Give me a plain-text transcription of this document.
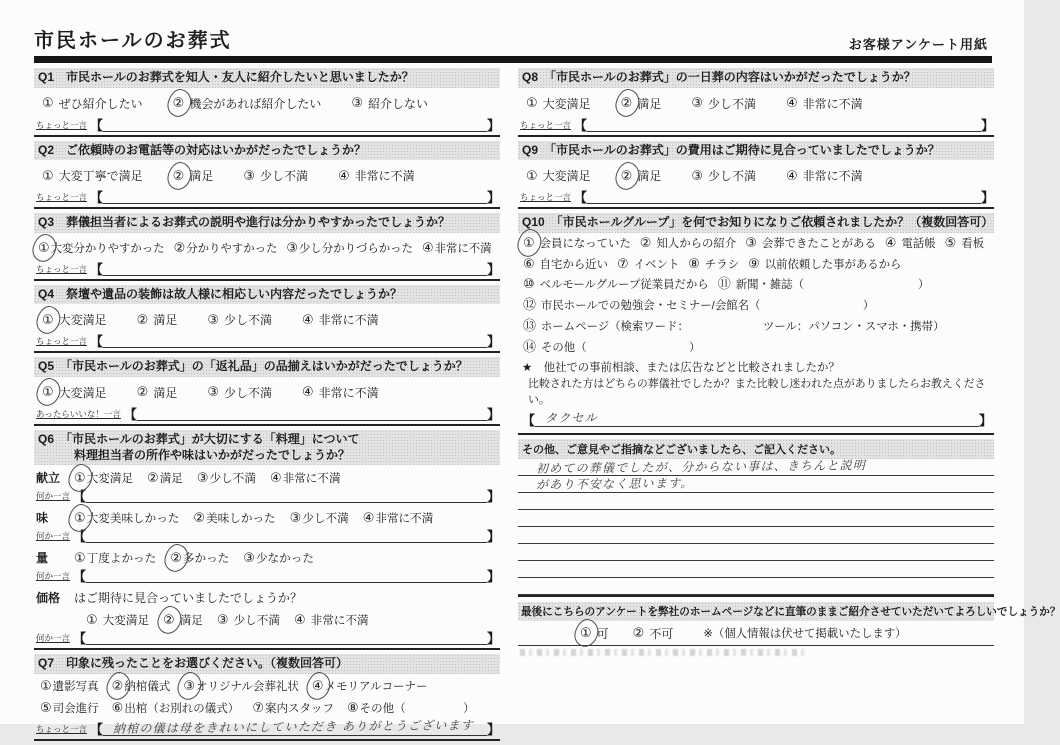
市民ホールのお葬式	お客様アンケート用紙
Q1　市民ホールのお葬式を知人・友人に紹介したいと思いましたか？
① ぜひ紹介したい ② 機会があれば紹介したい ③ 紹介しない
ちょっと一言 【	】
Q2　ご依頼時のお電話等の対応はいかがだったでしょうか？
① 大変丁寧で満足 ② 満足 ③ 少し不満 ④ 非常に不満
ちょっと一言 【	】
Q3　葬儀担当者によるお葬式の説明や進行は分かりやすかったでしょうか？
① 大変分かりやすかった ② 分かりやすかった ③ 少し分かりづらかった ④ 非常に不満
ちょっと一言 【	】
Q4　祭壇や遺品の装飾は故人様に相応しい内容だったでしょうか？
① 大変満足 ② 満足 ③ 少し不満 ④ 非常に不満
ちょっと一言 【	】
Q5　「市民ホールのお葬式」の「返礼品」の品揃えはいかがだったでしょうか？
① 大変満足 ② 満足 ③ 少し不満 ④ 非常に不満
あったらいいな！一言 【	】
Q6　「市民ホールのお葬式」が大切にする「料理」について
　　　料理担当者の所作や味はいかがだったでしょうか？
献立	① 大変満足 ② 満足 ③ 少し不満 ④ 非常に不満
何か一言 【	】
味	① 大変美味しかった ② 美味しかった ③ 少し不満 ④ 非常に不満
何か一言 【	】
量	① 丁度よかった ② 多かった ③ 少なかった
何か一言 【	】
価格	はご期待に見合っていましたでしょうか？
① 大変満足 ② 満足 ③ 少し不満 ④ 非常に不満
何か一言 【	】
Q7　印象に残ったことをお選びください。（複数回答可）
① 遺影写真 ② 納棺儀式 ③ オリジナル会葬礼状 ④ メモリアルコーナー
⑤ 司会進行 ⑥ 出棺（お別れの儀式） ⑦ 案内スタッフ ⑧ その他（　　　　　）
ちょっと一言 【 納棺の儀は母をきれいにしていただき ありがとうございます 】
Q8　「市民ホールのお葬式」の一日葬の内容はいかがだったでしょうか？
① 大変満足 ② 満足 ③ 少し不満 ④ 非常に不満
ちょっと一言 【	】
Q9　「市民ホールのお葬式」の費用はご期待に見合っていましたでしょうか？
① 大変満足 ② 満足 ③ 少し不満 ④ 非常に不満
ちょっと一言 【	】
Q10　「市民ホールグループ」を何でお知りになりご依頼されましたか？（複数回答可）
① 会員になっていた ② 知人からの紹介 ③ 会葬できたことがある ④ 電話帳 ⑤ 看板
⑥ 自宅から近い ⑦ イベント ⑧ チラシ ⑨ 以前依頼した事があるから
⑩ ベルモールグループ従業員だから ⑪ 新聞・雑誌（　　　　　　　　　　）
⑫ 市民ホールでの勉強会・セミナー/会館名（　　　　　　　　　）
⑬ ホームページ（検索ワード：　　　　　　　ツール：パソコン・スマホ・携帯）
⑭ その他（　　　　　　　　　）
★　他社での事前相談、または広告などと比較されましたか？
比較された方はどちらの葬儀社でしたか？また比較し迷われた点がありましたらお教えください。
【 タクセル	】
その他、ご意見やご指摘などございましたら、ご記入ください。
初めての葬儀でしたが、分からない事は、きちんと説明
があり不安なく思います。
最後にこちらのアンケートを弊社のホームページなどに直筆のままご紹介させていただいてよろしいでしょうか？
① 可 ② 不可	※（個人情報は伏せて掲載いたします）
